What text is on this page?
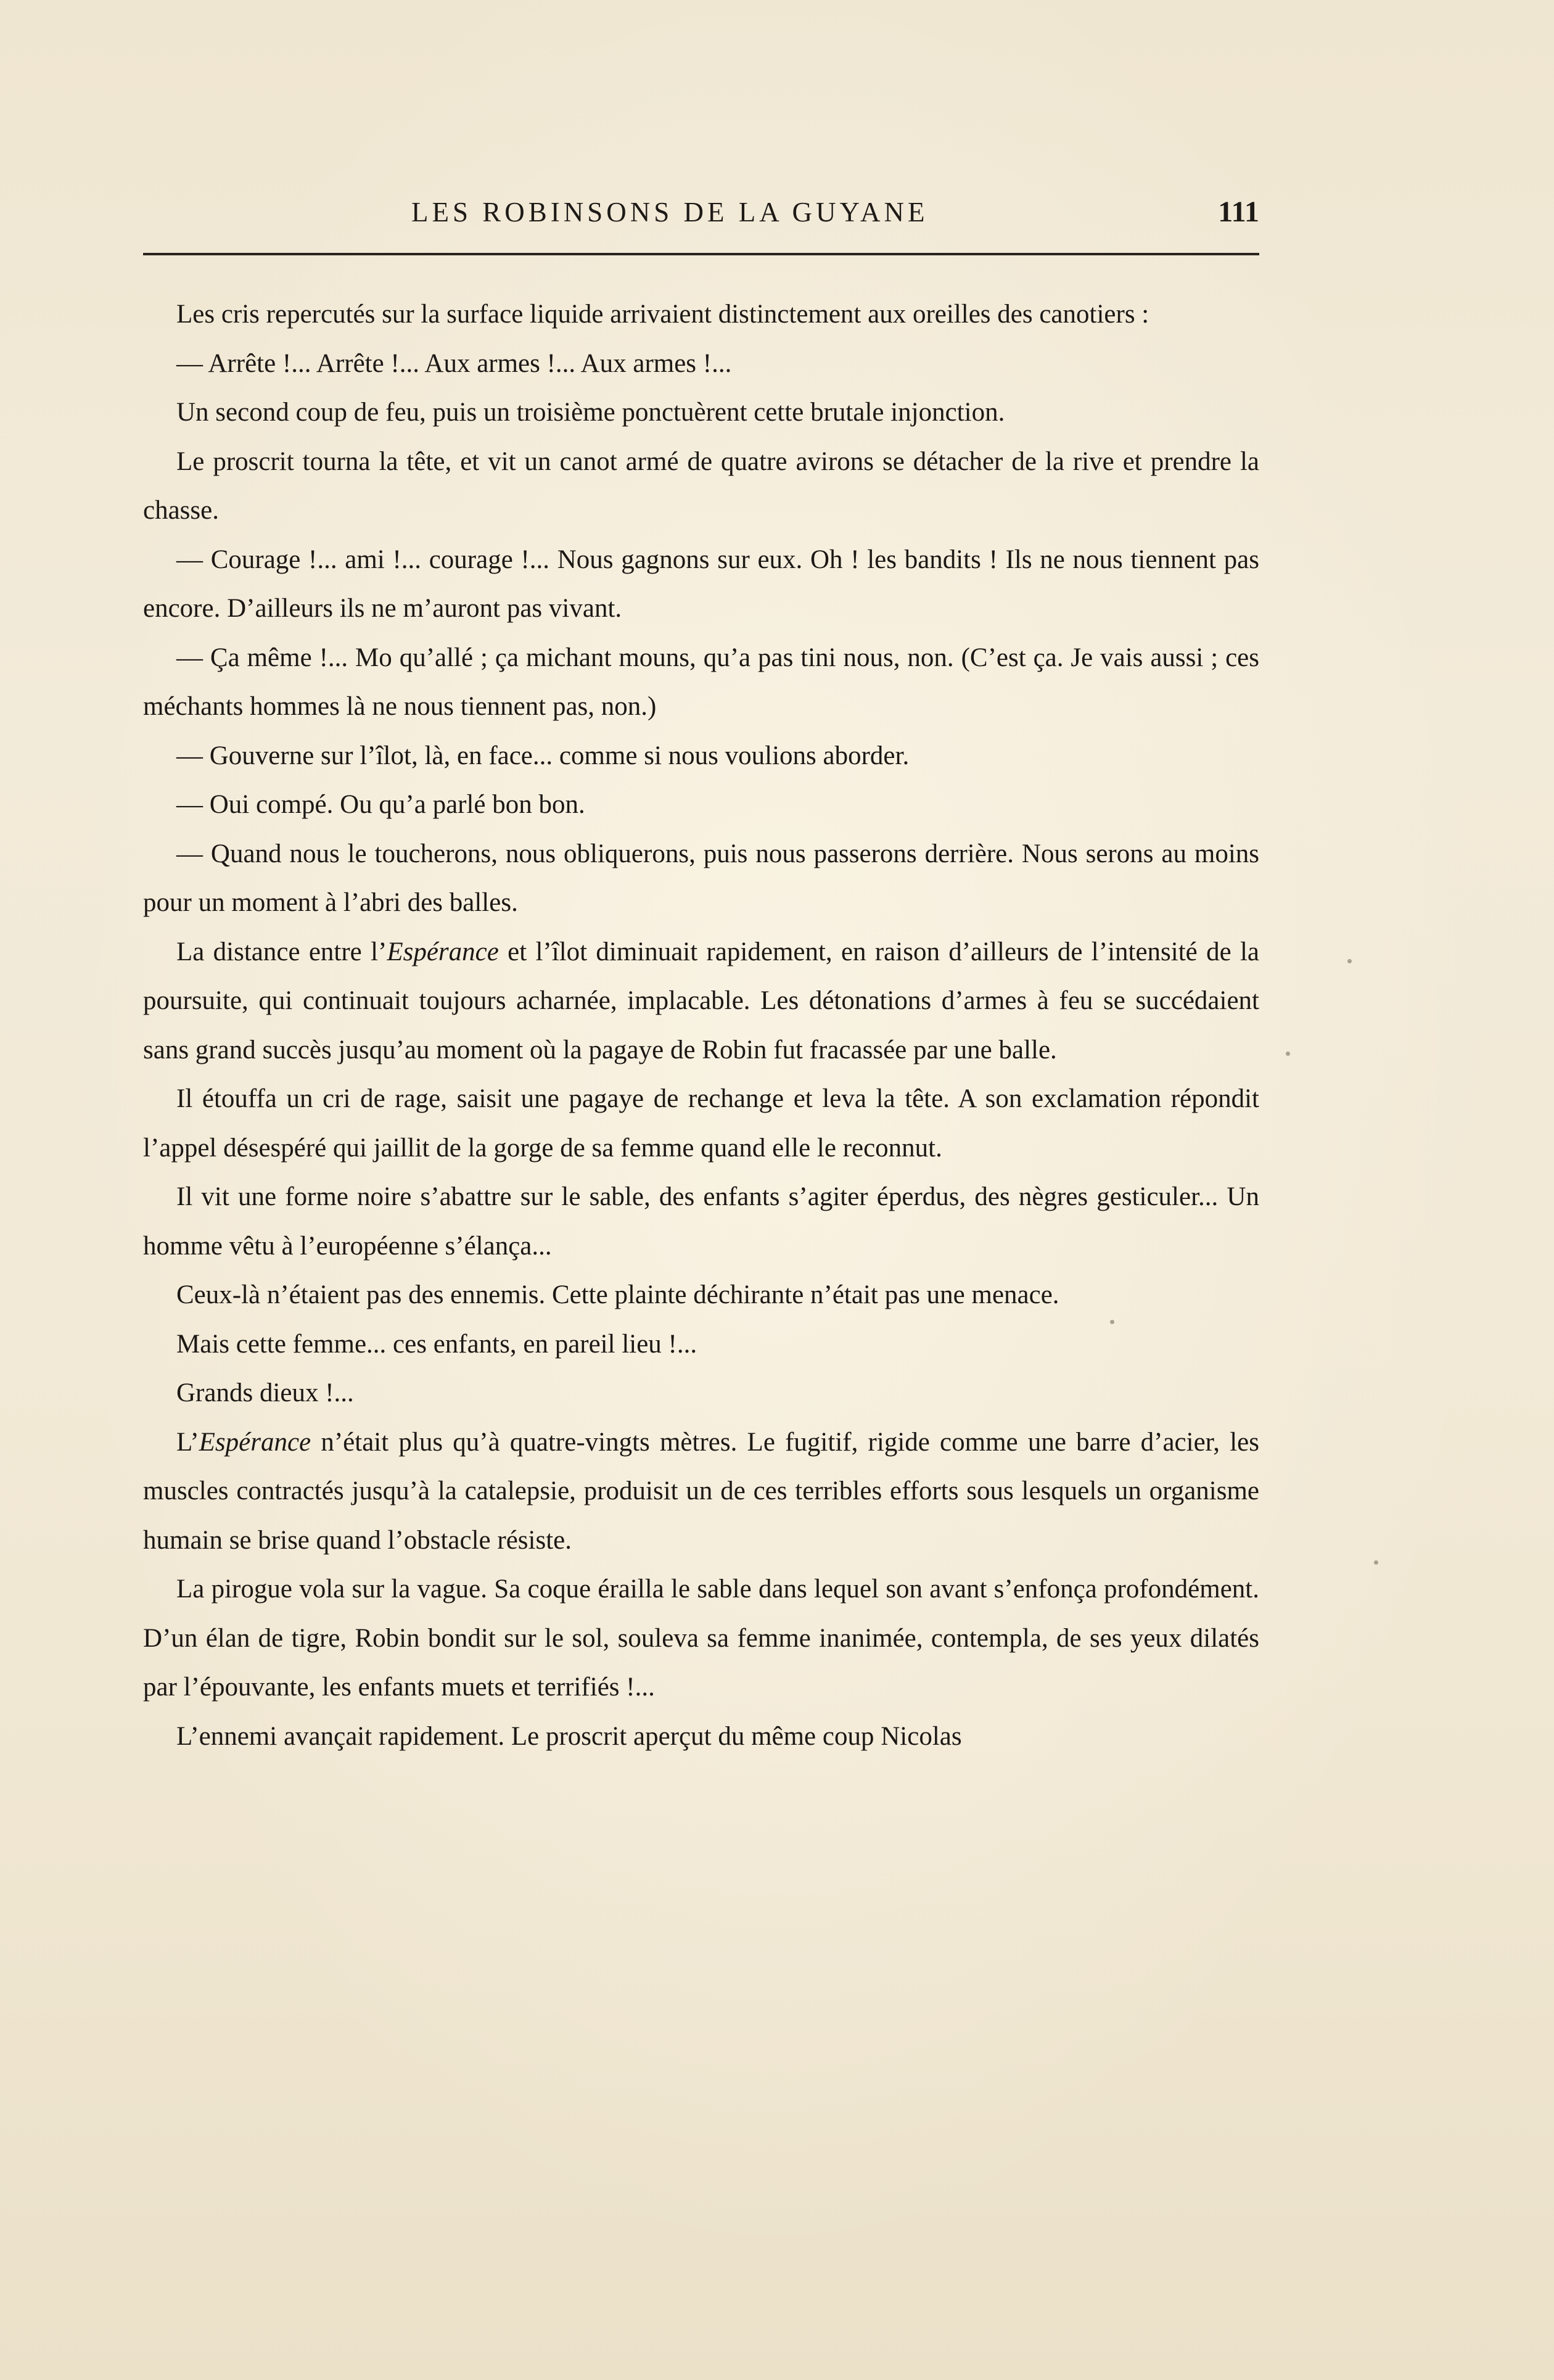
LES ROBINSONS DE LA GUYANE	111

Les cris repercutés sur la surface liquide arrivaient distinctement aux oreilles des canotiers :

— Arrête !... Arrête !... Aux armes !... Aux armes !...

Un second coup de feu, puis un troisième ponctuèrent cette brutale injonction.

Le proscrit tourna la tête, et vit un canot armé de quatre avirons se détacher de la rive et prendre la chasse.

— Courage !... ami !... courage !... Nous gagnons sur eux. Oh ! les bandits ! Ils ne nous tiennent pas encore. D’ailleurs ils ne m’auront pas vivant.

— Ça même !... Mo qu’allé ; ça michant mouns, qu’a pas tini nous, non. (C’est ça. Je vais aussi ; ces méchants hommes là ne nous tiennent pas, non.)

— Gouverne sur l’îlot, là, en face... comme si nous voulions aborder.

— Oui compé. Ou qu’a parlé bon bon.

— Quand nous le toucherons, nous obliquerons, puis nous passerons derrière. Nous serons au moins pour un moment à l’abri des balles.

La distance entre l’Espérance et l’îlot diminuait rapidement, en raison d’ailleurs de l’intensité de la poursuite, qui continuait toujours acharnée, implacable. Les détonations d’armes à feu se succédaient sans grand succès jusqu’au moment où la pagaye de Robin fut fracassée par une balle.

Il étouffa un cri de rage, saisit une pagaye de rechange et leva la tête. A son exclamation répondit l’appel désespéré qui jaillit de la gorge de sa femme quand elle le reconnut.

Il vit une forme noire s’abattre sur le sable, des enfants s’agiter éperdus, des nègres gesticuler... Un homme vêtu à l’européenne s’élança...

Ceux-là n’étaient pas des ennemis. Cette plainte déchirante n’était pas une menace.

Mais cette femme... ces enfants, en pareil lieu !...

Grands dieux !...

L’Espérance n’était plus qu’à quatre-vingts mètres. Le fugitif, rigide comme une barre d’acier, les muscles contractés jusqu’à la catalepsie, produisit un de ces terribles efforts sous lesquels un organisme humain se brise quand l’obstacle résiste.

La pirogue vola sur la vague. Sa coque érailla le sable dans lequel son avant s’enfonça profondément. D’un élan de tigre, Robin bondit sur le sol, souleva sa femme inanimée, contempla, de ses yeux dilatés par l’épouvante, les enfants muets et terrifiés !...

L’ennemi avançait rapidement. Le proscrit aperçut du même coup Nicolas
